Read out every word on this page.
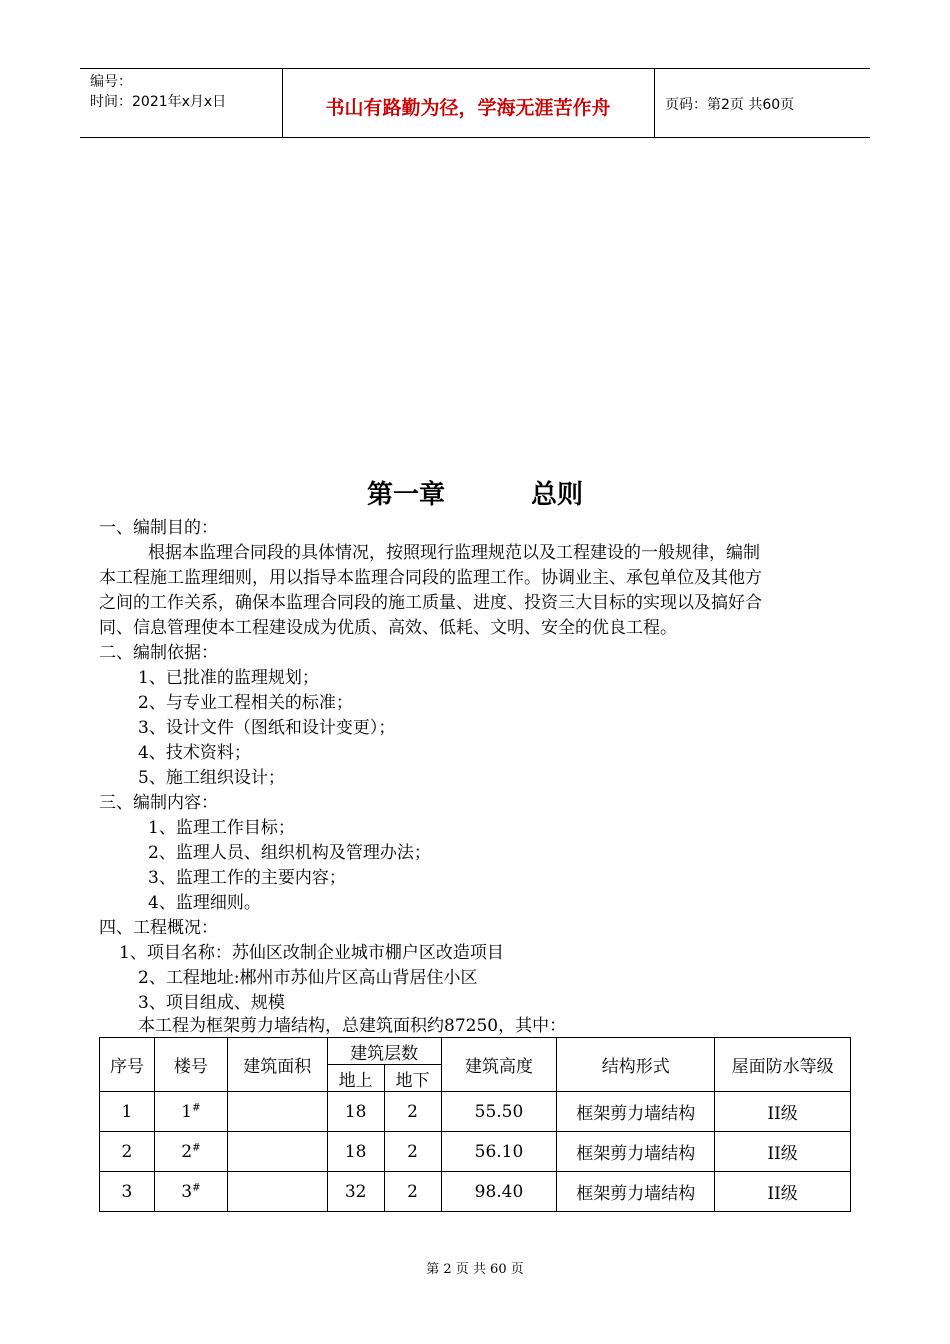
编号：
时间：2021年x月x日	书山有路勤为径，学海无涯苦作舟	页码：第2页 共60页
第一章	总则
一、编制目的：
根据本监理合同段的具体情况，按照现行监理规范以及工程建设的一般规律，编制
本工程施工监理细则，用以指导本监理合同段的监理工作。协调业主、承包单位及其他方
之间的工作关系，确保本监理合同段的施工质量、进度、投资三大目标的实现以及搞好合
同、信息管理使本工程建设成为优质、高效、低耗、文明、安全的优良工程。
二、编制依据：
1、已批准的监理规划；
2、与专业工程相关的标准；
3、设计文件（图纸和设计变更）；
4、技术资料；
5、施工组织设计；
三、编制内容：
1、监理工作目标；
2、监理人员、组织机构及管理办法；
3、监理工作的主要内容；
4、监理细则。
四、工程概况：
1、项目名称：苏仙区改制企业城市棚户区改造项目
2、工程地址:郴州市苏仙片区高山背居住小区
3、项目组成、规模
本工程为框架剪力墙结构，总建筑面积约87250，其中：
序号	楼号	建筑面积	建筑层数		建筑高度	结构形式	屋面防水等级
			地上	地下			
1	1#		18	2	55.50	框架剪力墙结构	II级
2	2#		18	2	56.10	框架剪力墙结构	II级
3	3#		32	2	98.40	框架剪力墙结构	II级
第 2 页 共 60 页
